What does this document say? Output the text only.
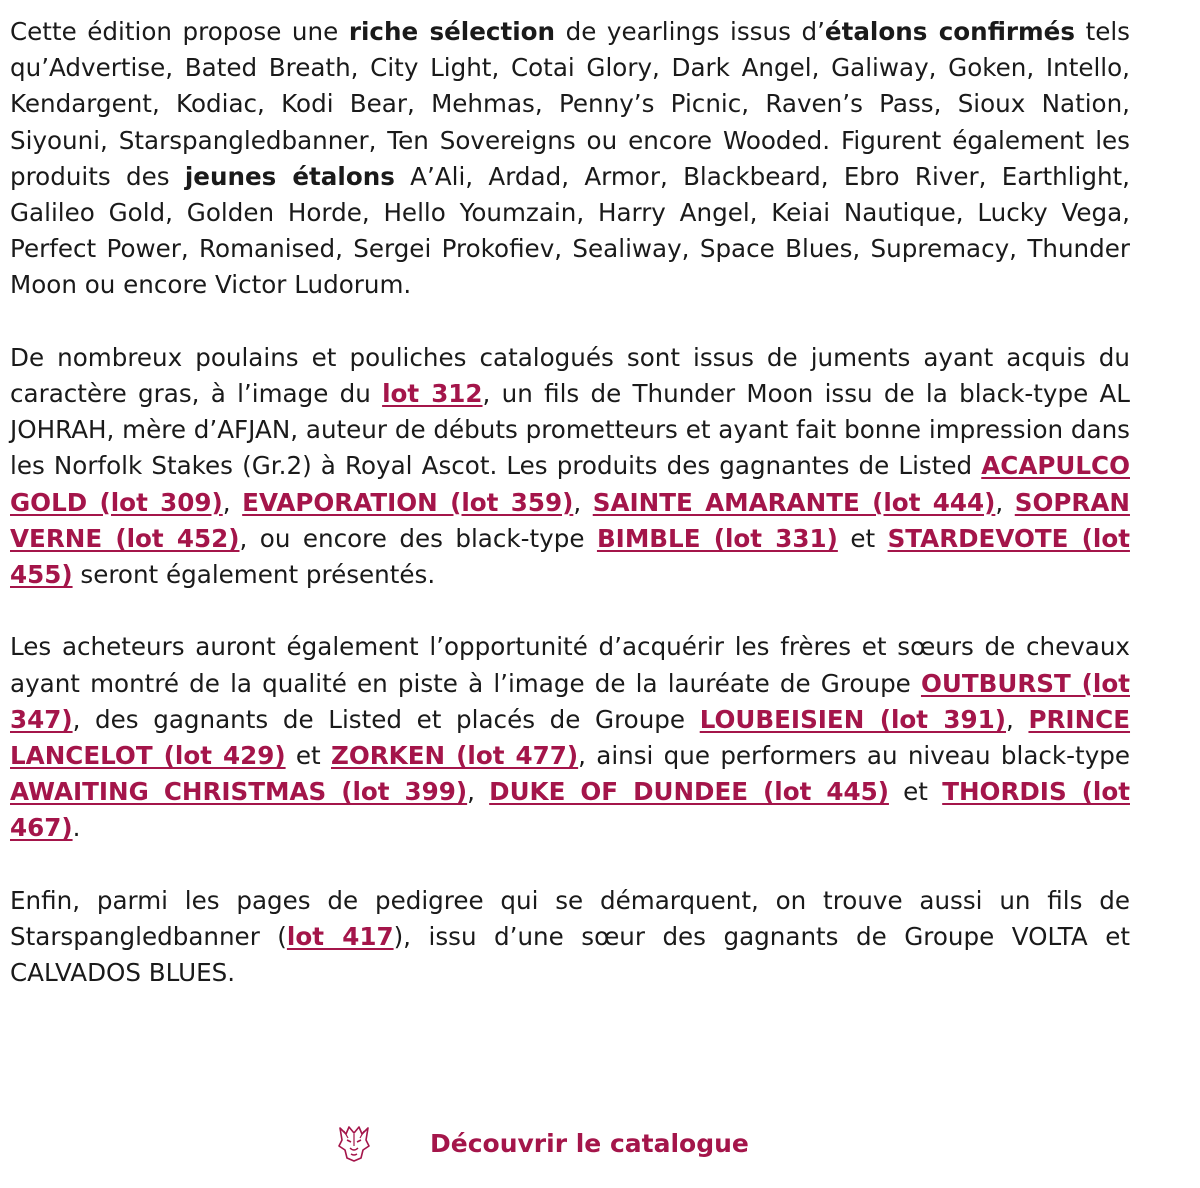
Cette édition propose une riche sélection de yearlings issus d’étalons confirmés tels qu’Advertise, Bated Breath, City Light, Cotai Glory, Dark Angel, Galiway, Goken, Intello, Kendargent, Kodiac, Kodi Bear, Mehmas, Penny’s Picnic, Raven’s Pass, Sioux Nation, Siyouni, Starspangledbanner, Ten Sovereigns ou encore Wooded. Figurent également les produits des jeunes étalons A’Ali, Ardad, Armor, Blackbeard, Ebro River, Earthlight, Galileo Gold, Golden Horde, Hello Youmzain, Harry Angel, Keiai Nautique, Lucky Vega, Perfect Power, Romanised, Sergei Prokofiev, Sealiway, Space Blues, Supremacy, Thunder Moon ou encore Victor Ludorum.

De nombreux poulains et pouliches catalogués sont issus de juments ayant acquis du caractère gras, à l’image du lot 312, un fils de Thunder Moon issu de la black-type AL JOHRAH, mère d’AFJAN, auteur de débuts prometteurs et ayant fait bonne impression dans les Norfolk Stakes (Gr.2) à Royal Ascot. Les produits des gagnantes de Listed ACAPULCO GOLD (lot 309), EVAPORATION (lot 359), SAINTE AMARANTE (lot 444), SOPRAN VERNE (lot 452), ou encore des black-type BIMBLE (lot 331) et STARDEVOTE (lot 455) seront également présentés.

Les acheteurs auront également l’opportunité d’acquérir les frères et sœurs de chevaux ayant montré de la qualité en piste à l’image de la lauréate de Groupe OUTBURST (lot 347), des gagnants de Listed et placés de Groupe LOUBEISIEN (lot 391), PRINCE LANCELOT (lot 429) et ZORKEN (lot 477), ainsi que performers au niveau black-type AWAITING CHRISTMAS (lot 399), DUKE OF DUNDEE (lot 445) et THORDIS (lot 467).

Enfin, parmi les pages de pedigree qui se démarquent, on trouve aussi un fils de Starspangledbanner (lot 417), issu d’une sœur des gagnants de Groupe VOLTA et CALVADOS BLUES.

Découvrir le catalogue
